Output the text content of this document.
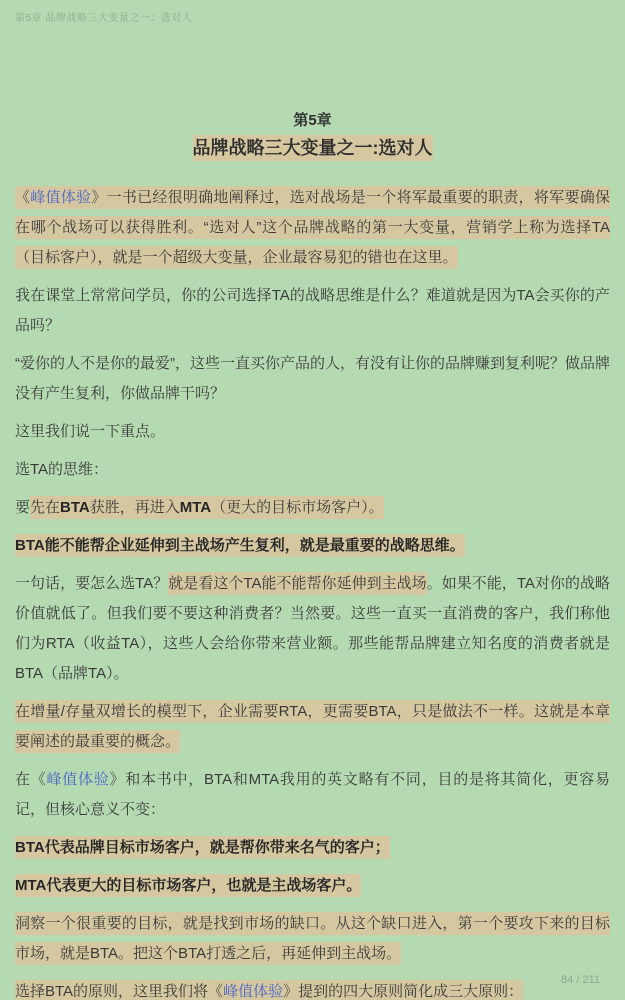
第5章 品牌战略三大变量之一：选对人
第5章
品牌战略三大变量之一:选对人

《峰值体验》一书已经很明确地阐释过，选对战场是一个将军最重要的职责，将军要确保在哪个战场可以获得胜利。“选对人”这个品牌战略的第一大变量，营销学上称为选择TA（目标客户），就是一个超级大变量，企业最容易犯的错也在这里。

我在课堂上常常问学员，你的公司选择TA的战略思维是什么？难道就是因为TA会买你的产品吗？

“爱你的人不是你的最爱”，这些一直买你产品的人，有没有让你的品牌赚到复利呢？做品牌没有产生复利，你做品牌干吗？

这里我们说一下重点。

选TA的思维：

要先在BTA获胜，再进入MTA（更大的目标市场客户）。

BTA能不能帮企业延伸到主战场产生复利，就是最重要的战略思维。

一句话，要怎么选TA？就是看这个TA能不能帮你延伸到主战场。如果不能，TA对你的战略价值就低了。但我们要不要这种消费者？当然要。这些一直买一直消费的客户，我们称他们为RTA（收益TA），这些人会给你带来营业额。那些能帮品牌建立知名度的消费者就是BTA（品牌TA）。

在增量/存量双增长的模型下，企业需要RTA，更需要BTA，只是做法不一样。这就是本章要阐述的最重要的概念。

在《峰值体验》和本书中，BTA和MTA我用的英文略有不同，目的是将其简化，更容易记，但核心意义不变：

BTA代表品牌目标市场客户，就是帮你带来名气的客户；

MTA代表更大的目标市场客户，也就是主战场客户。

洞察一个很重要的目标，就是找到市场的缺口。从这个缺口进入，第一个要攻下来的目标市场，就是BTA。把这个BTA打透之后，再延伸到主战场。

选择BTA的原则，这里我们将《峰值体验》提到的四大原则简化成三大原则：

84 / 211
